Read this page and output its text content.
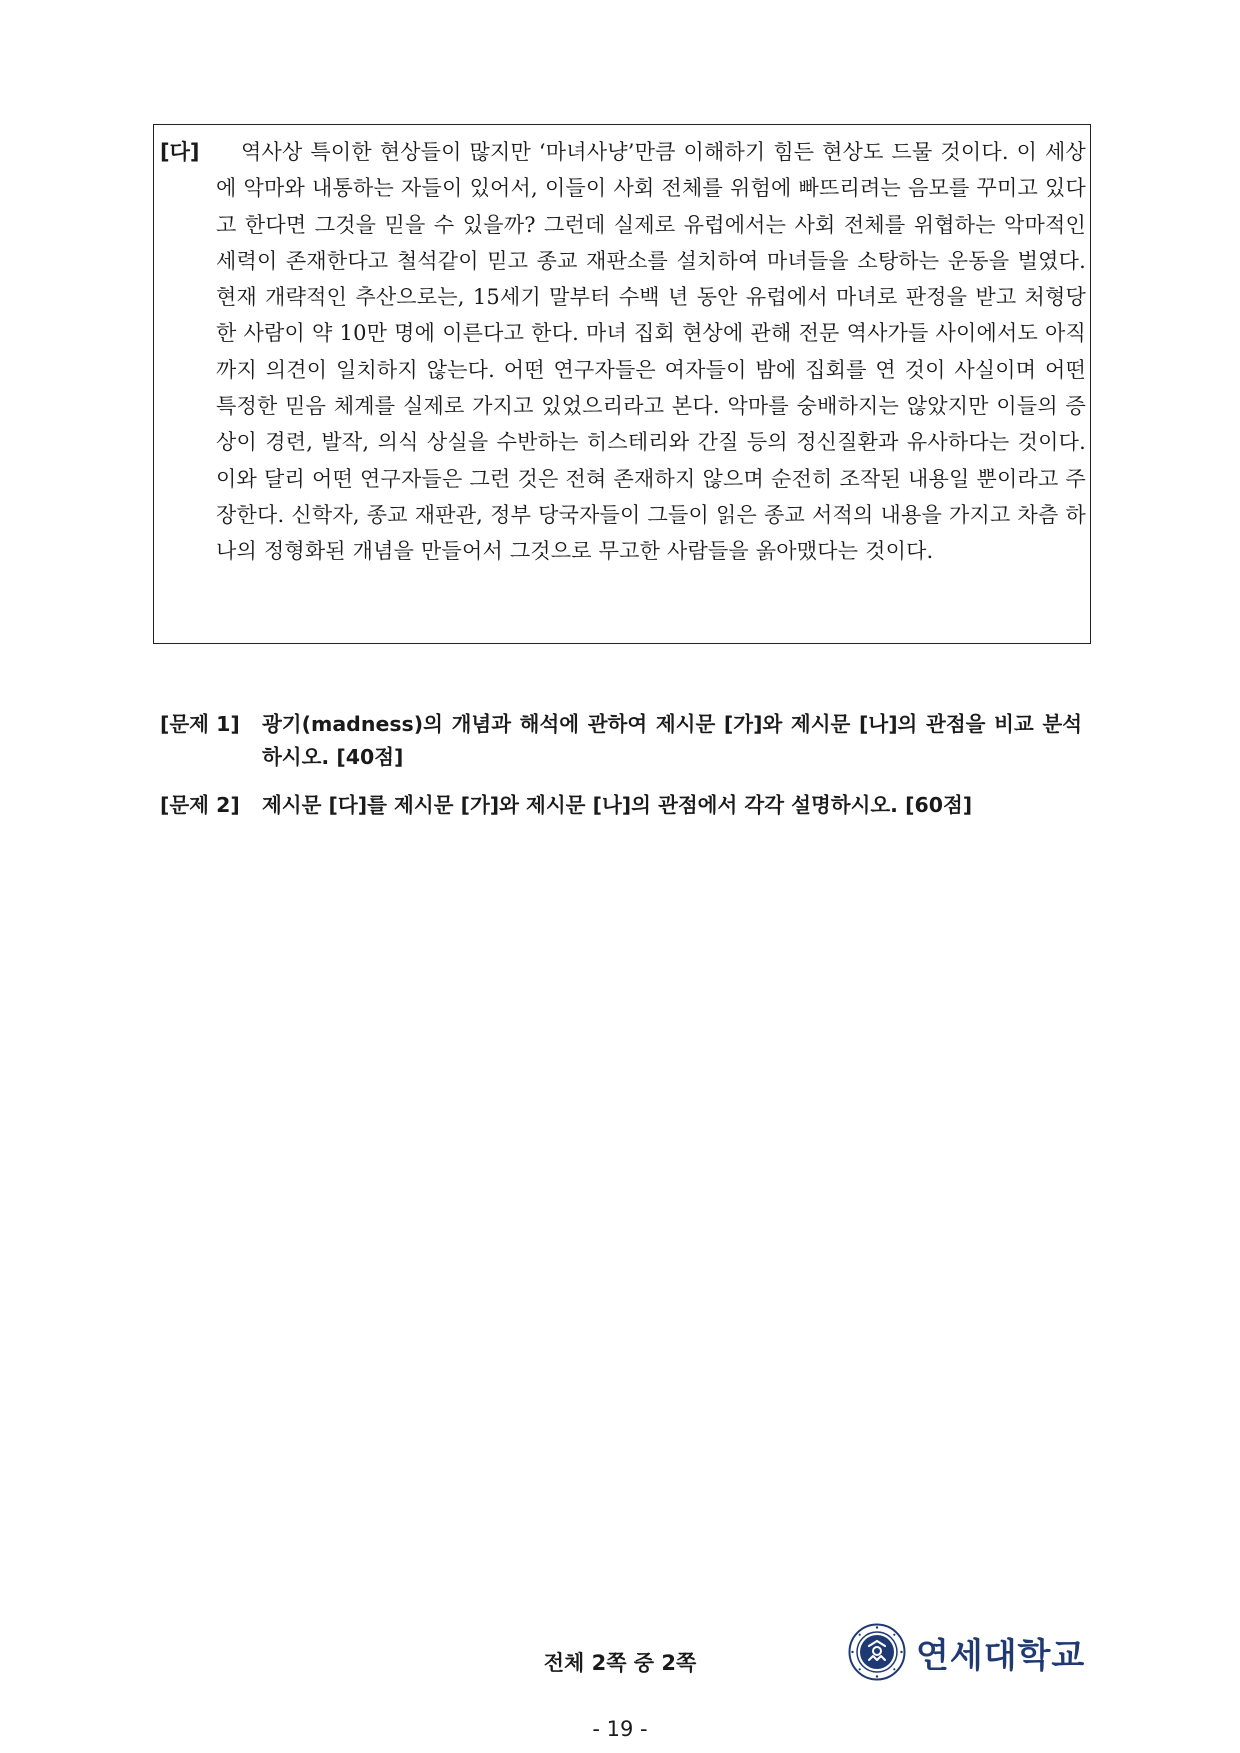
[다]	역사상 특이한 현상들이 많지만 ‘마녀사냥’만큼 이해하기 힘든 현상도 드물 것이다. 이 세상에 악마와 내통하는 자들이 있어서, 이들이 사회 전체를 위험에 빠뜨리려는 음모를 꾸미고 있다고 한다면 그것을 믿을 수 있을까? 그런데 실제로 유럽에서는 사회 전체를 위협하는 악마적인 세력이 존재한다고 철석같이 믿고 종교 재판소를 설치하여 마녀들을 소탕하는 운동을 벌였다. 현재 개략적인 추산으로는, 15세기 말부터 수백 년 동안 유럽에서 마녀로 판정을 받고 처형당한 사람이 약 10만 명에 이른다고 한다. 마녀 집회 현상에 관해 전문 역사가들 사이에서도 아직까지 의견이 일치하지 않는다. 어떤 연구자들은 여자들이 밤에 집회를 연 것이 사실이며 어떤 특정한 믿음 체계를 실제로 가지고 있었으리라고 본다. 악마를 숭배하지는 않았지만 이들의 증상이 경련, 발작, 의식 상실을 수반하는 히스테리와 간질 등의 정신질환과 유사하다는 것이다. 이와 달리 어떤 연구자들은 그런 것은 전혀 존재하지 않으며 순전히 조작된 내용일 뿐이라고 주장한다. 신학자, 종교 재판관, 정부 당국자들이 그들이 읽은 종교 서적의 내용을 가지고 차츰 하나의 정형화된 개념을 만들어서 그것으로 무고한 사람들을 옭아맸다는 것이다.

[문제 1]	광기(madness)의 개념과 해석에 관하여 제시문 [가]와 제시문 [나]의 관점을 비교 분석하시오. [40점]
[문제 2]	제시문 [다]를 제시문 [가]와 제시문 [나]의 관점에서 각각 설명하시오. [60점]
전체 2쪽 중 2쪽	연세대학교
- 19 -
